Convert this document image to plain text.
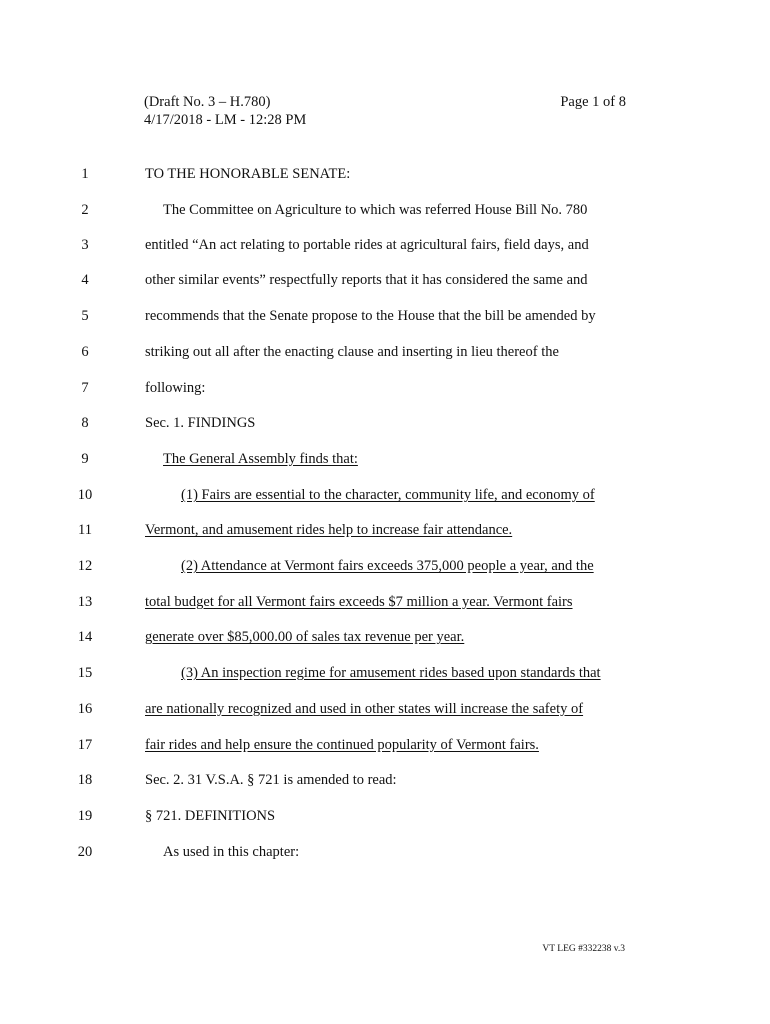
(Draft No. 3 – H.780)
4/17/2018 - LM - 12:28 PM
Page 1 of 8
1	TO THE HONORABLE SENATE:
2	The Committee on Agriculture to which was referred House Bill No. 780
3	entitled “An act relating to portable rides at agricultural fairs, field days, and
4	other similar events” respectfully reports that it has considered the same and
5	recommends that the Senate propose to the House that the bill be amended by
6	striking out all after the enacting clause and inserting in lieu thereof the
7	following:
8	Sec. 1. FINDINGS
9	The General Assembly finds that:
10	(1) Fairs are essential to the character, community life, and economy of
11	Vermont, and amusement rides help to increase fair attendance.
12	(2) Attendance at Vermont fairs exceeds 375,000 people a year, and the
13	total budget for all Vermont fairs exceeds $7 million a year. Vermont fairs
14	generate over $85,000.00 of sales tax revenue per year.
15	(3) An inspection regime for amusement rides based upon standards that
16	are nationally recognized and used in other states will increase the safety of
17	fair rides and help ensure the continued popularity of Vermont fairs.
18	Sec. 2. 31 V.S.A. § 721 is amended to read:
19	§ 721. DEFINITIONS
20	As used in this chapter:
VT LEG #332238 v.3
